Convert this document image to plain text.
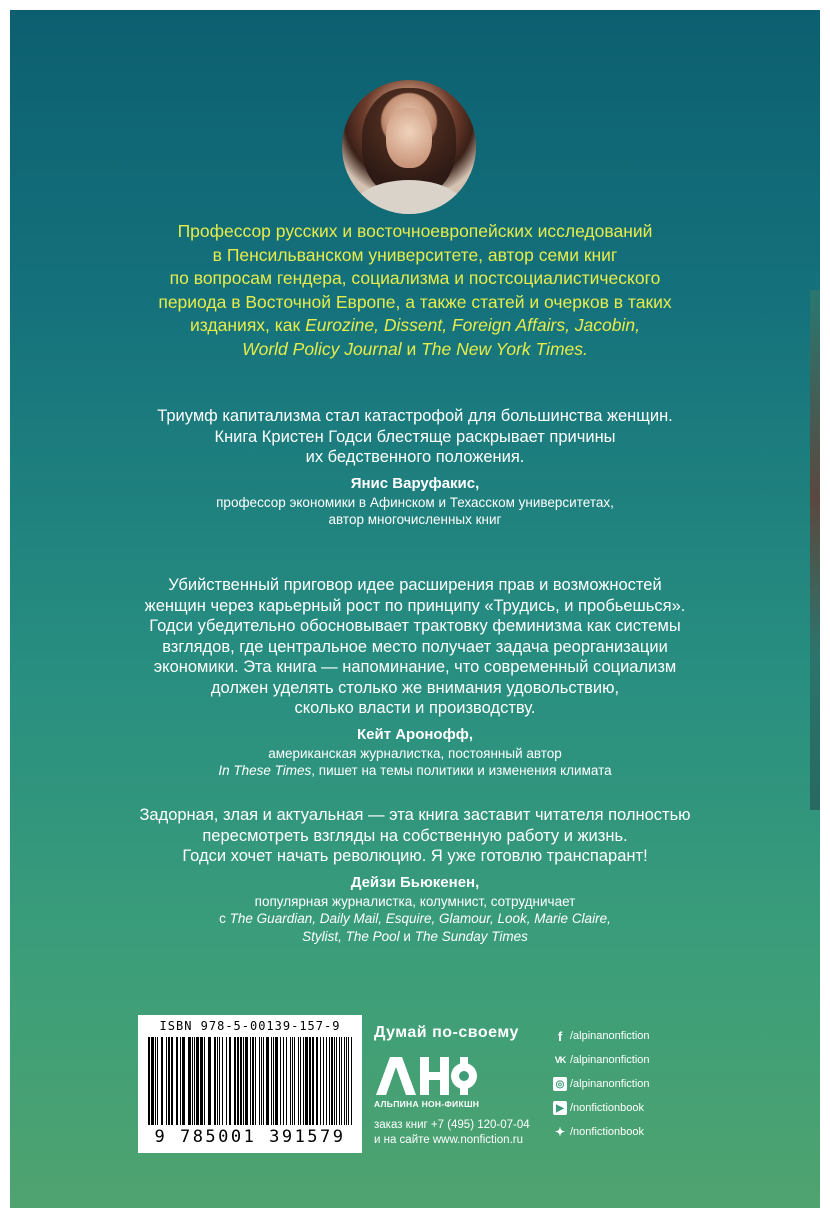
Профессор русских и восточноевропейских исследований
в Пенсильванском университете, автор семи книг
по вопросам гендера, социализма и постсоциалистического
периода в Восточной Европе, а также статей и очерков в таких
изданиях, как Eurozine, Dissent, Foreign Affairs, Jacobin,
World Policy Journal и The New York Times.
Триумф капитализма стал катастрофой для большинства женщин.
Книга Кристен Годси блестяще раскрывает причины
их бедственного положения.
Янис Варуфакис,
профессор экономики в Афинском и Техасском университетах,
автор многочисленных книг
Убийственный приговор идее расширения прав и возможностей
женщин через карьерный рост по принципу «Трудись, и пробьешься».
Годси убедительно обосновывает трактовку феминизма как системы
взглядов, где центральное место получает задача реорганизации
экономики. Эта книга — напоминание, что современный социализм
должен уделять столько же внимания удовольствию,
сколько власти и производству.
Кейт Аронофф,
американская журналистка, постоянный автор
In These Times, пишет на темы политики и изменения климата
Задорная, злая и актуальная — эта книга заставит читателя полностью
пересмотреть взгляды на собственную работу и жизнь.
Годси хочет начать революцию. Я уже готовлю транспарант!
Дейзи Бьюкенен,
популярная журналистка, колумнист, сотрудничает
с The Guardian, Daily Mail, Esquire, Glamour, Look, Marie Claire,
Stylist, The Pool и The Sunday Times
ISBN 978-5-00139-157-9
9 785001 391579
Думай по-своему
АЛЬПИНА НОН-ФИКШН
заказ книг +7 (495) 120-07-04
и на сайте www.nonfiction.ru
f /alpinanonfiction
VK /alpinanonfiction
◎ /alpinanonfiction
▶ /nonfictionbook
✦ /nonfictionbook
